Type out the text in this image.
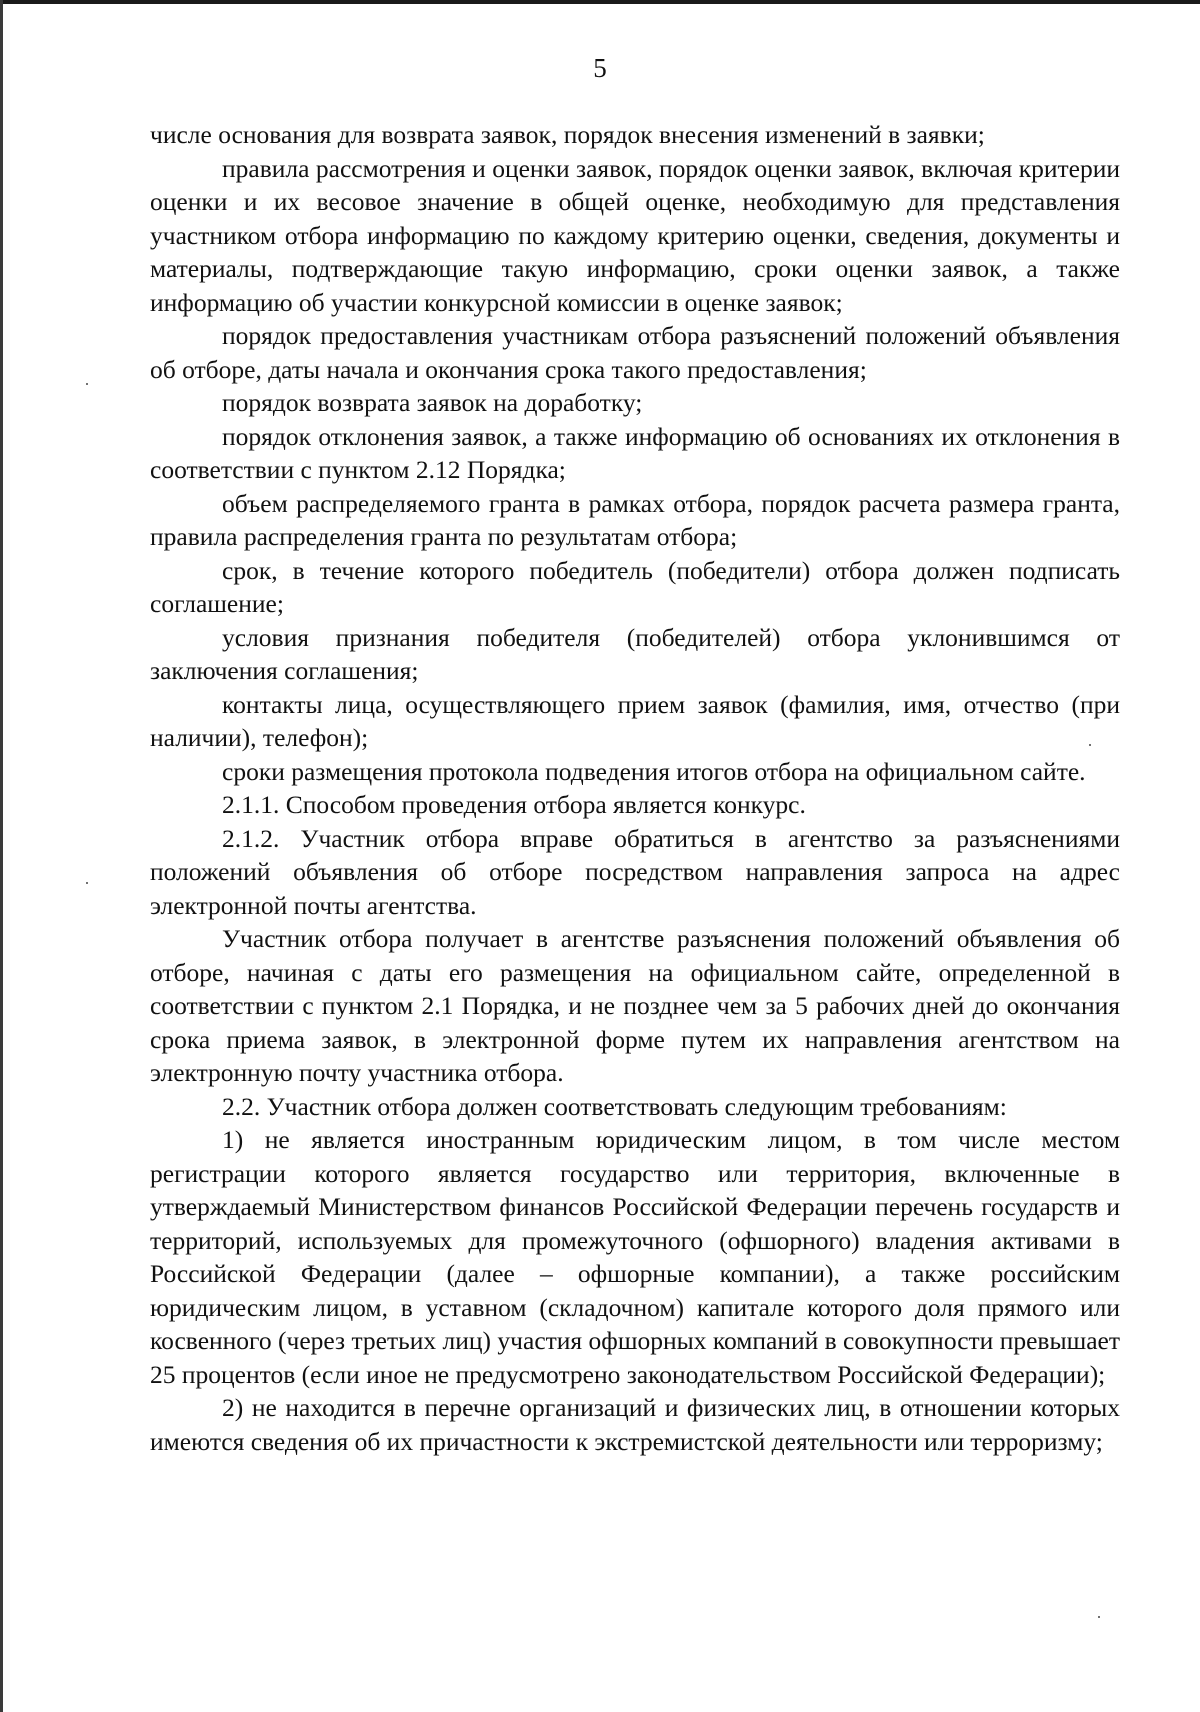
5

числе основания для возврата заявок, порядок внесения изменений в заявки;

правила рассмотрения и оценки заявок, порядок оценки заявок, включая критерии оценки и их весовое значение в общей оценке, необходимую для представления участником отбора информацию по каждому критерию оценки, сведения, документы и материалы, подтверждающие такую информацию, сроки оценки заявок, а также информацию об участии конкурсной комиссии в оценке заявок;

порядок предоставления участникам отбора разъяснений положений объявления об отборе, даты начала и окончания срока такого предоставления;

порядок возврата заявок на доработку;

порядок отклонения заявок, а также информацию об основаниях их отклонения в соответствии с пунктом 2.12 Порядка;

объем распределяемого гранта в рамках отбора, порядок расчета размера гранта, правила распределения гранта по результатам отбора;

срок, в течение которого победитель (победители) отбора должен подписать соглашение;

условия признания победителя (победителей) отбора уклонившимся от заключения соглашения;

контакты лица, осуществляющего прием заявок (фамилия, имя, отчество (при наличии), телефон);

сроки размещения протокола подведения итогов отбора на официальном сайте.

2.1.1. Способом проведения отбора является конкурс.

2.1.2. Участник отбора вправе обратиться в агентство за разъяснениями положений объявления об отборе посредством направления запроса на адрес электронной почты агентства.

Участник отбора получает в агентстве разъяснения положений объявления об отборе, начиная с даты его размещения на официальном сайте, определенной в соответствии с пунктом 2.1 Порядка, и не позднее чем за 5 рабочих дней до окончания срока приема заявок, в электронной форме путем их направления агентством на электронную почту участника отбора.

2.2. Участник отбора должен соответствовать следующим требованиям:

1) не является иностранным юридическим лицом, в том числе местом регистрации которого является государство или территория, включенные в утверждаемый Министерством финансов Российской Федерации перечень государств и территорий, используемых для промежуточного (офшорного) владения активами в Российской Федерации (далее – офшорные компании), а также российским юридическим лицом, в уставном (складочном) капитале которого доля прямого или косвенного (через третьих лиц) участия офшорных компаний в совокупности превышает 25 процентов (если иное не предусмотрено законодательством Российской Федерации);

2) не находится в перечне организаций и физических лиц, в отношении которых имеются сведения об их причастности к экстремистской деятельности или терроризму;
